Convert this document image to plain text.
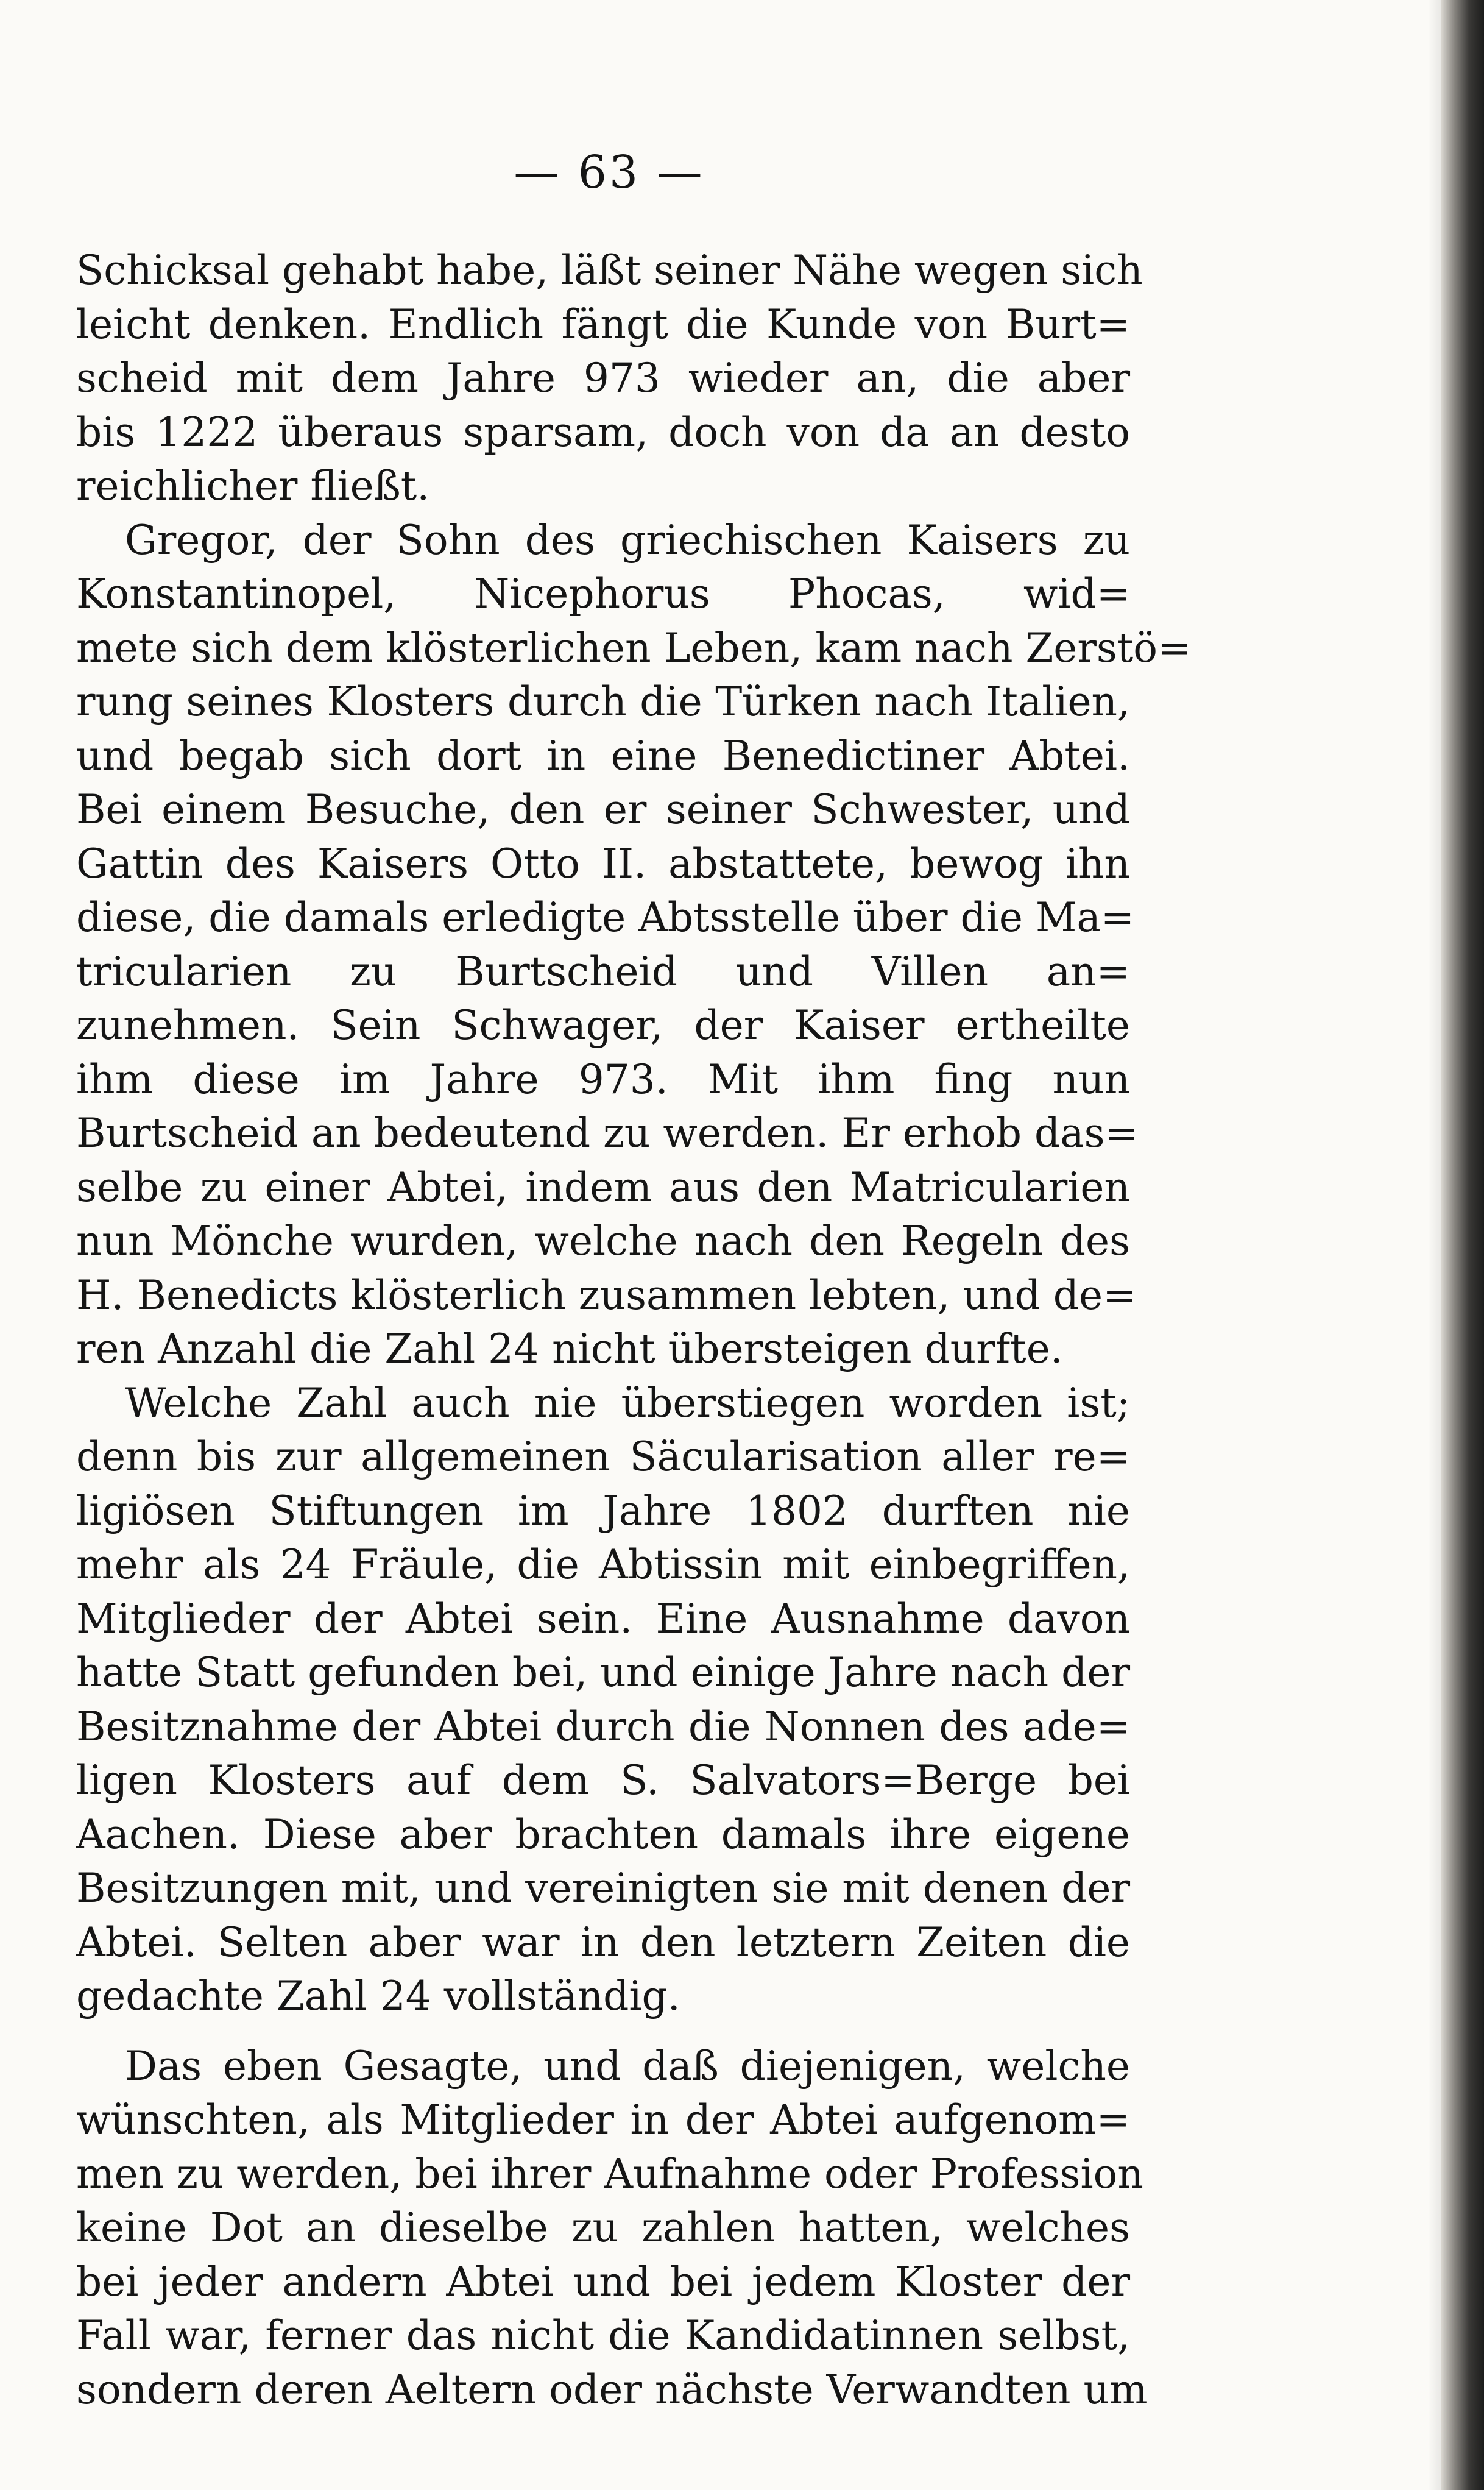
— 63 —
Schicksal gehabt habe, läßt seiner Nähe wegen sich
leicht denken. Endlich fängt die Kunde von Burt=
scheid mit dem Jahre 973 wieder an, die aber
bis 1222 überaus sparsam, doch von da an desto
reichlicher fließt.
Gregor, der Sohn des griechischen Kaisers zu
Konstantinopel, Nicephorus Phocas, wid=
mete sich dem klösterlichen Leben, kam nach Zerstö=
rung seines Klosters durch die Türken nach Italien,
und begab sich dort in eine Benedictiner Abtei.
Bei einem Besuche, den er seiner Schwester, und
Gattin des Kaisers Otto II. abstattete, bewog ihn
diese, die damals erledigte Abtsstelle über die Ma=
tricularien zu Burtscheid und Villen an=
zunehmen. Sein Schwager, der Kaiser ertheilte
ihm diese im Jahre 973. Mit ihm fing nun
Burtscheid an bedeutend zu werden. Er erhob das=
selbe zu einer Abtei, indem aus den Matricularien
nun Mönche wurden, welche nach den Regeln des
H. Benedicts klösterlich zusammen lebten, und de=
ren Anzahl die Zahl 24 nicht übersteigen durfte.
Welche Zahl auch nie überstiegen worden ist;
denn bis zur allgemeinen Säcularisation aller re=
ligiösen Stiftungen im Jahre 1802 durften nie
mehr als 24 Fräule, die Abtissin mit einbegriffen,
Mitglieder der Abtei sein. Eine Ausnahme davon
hatte Statt gefunden bei, und einige Jahre nach der
Besitznahme der Abtei durch die Nonnen des ade=
ligen Klosters auf dem S. Salvators=Berge bei
Aachen. Diese aber brachten damals ihre eigene
Besitzungen mit, und vereinigten sie mit denen der
Abtei. Selten aber war in den letztern Zeiten die
gedachte Zahl 24 vollständig.
Das eben Gesagte, und daß diejenigen, welche
wünschten, als Mitglieder in der Abtei aufgenom=
men zu werden, bei ihrer Aufnahme oder Profession
keine Dot an dieselbe zu zahlen hatten, welches
bei jeder andern Abtei und bei jedem Kloster der
Fall war, ferner das nicht die Kandidatinnen selbst,
sondern deren Aeltern oder nächste Verwandten um
